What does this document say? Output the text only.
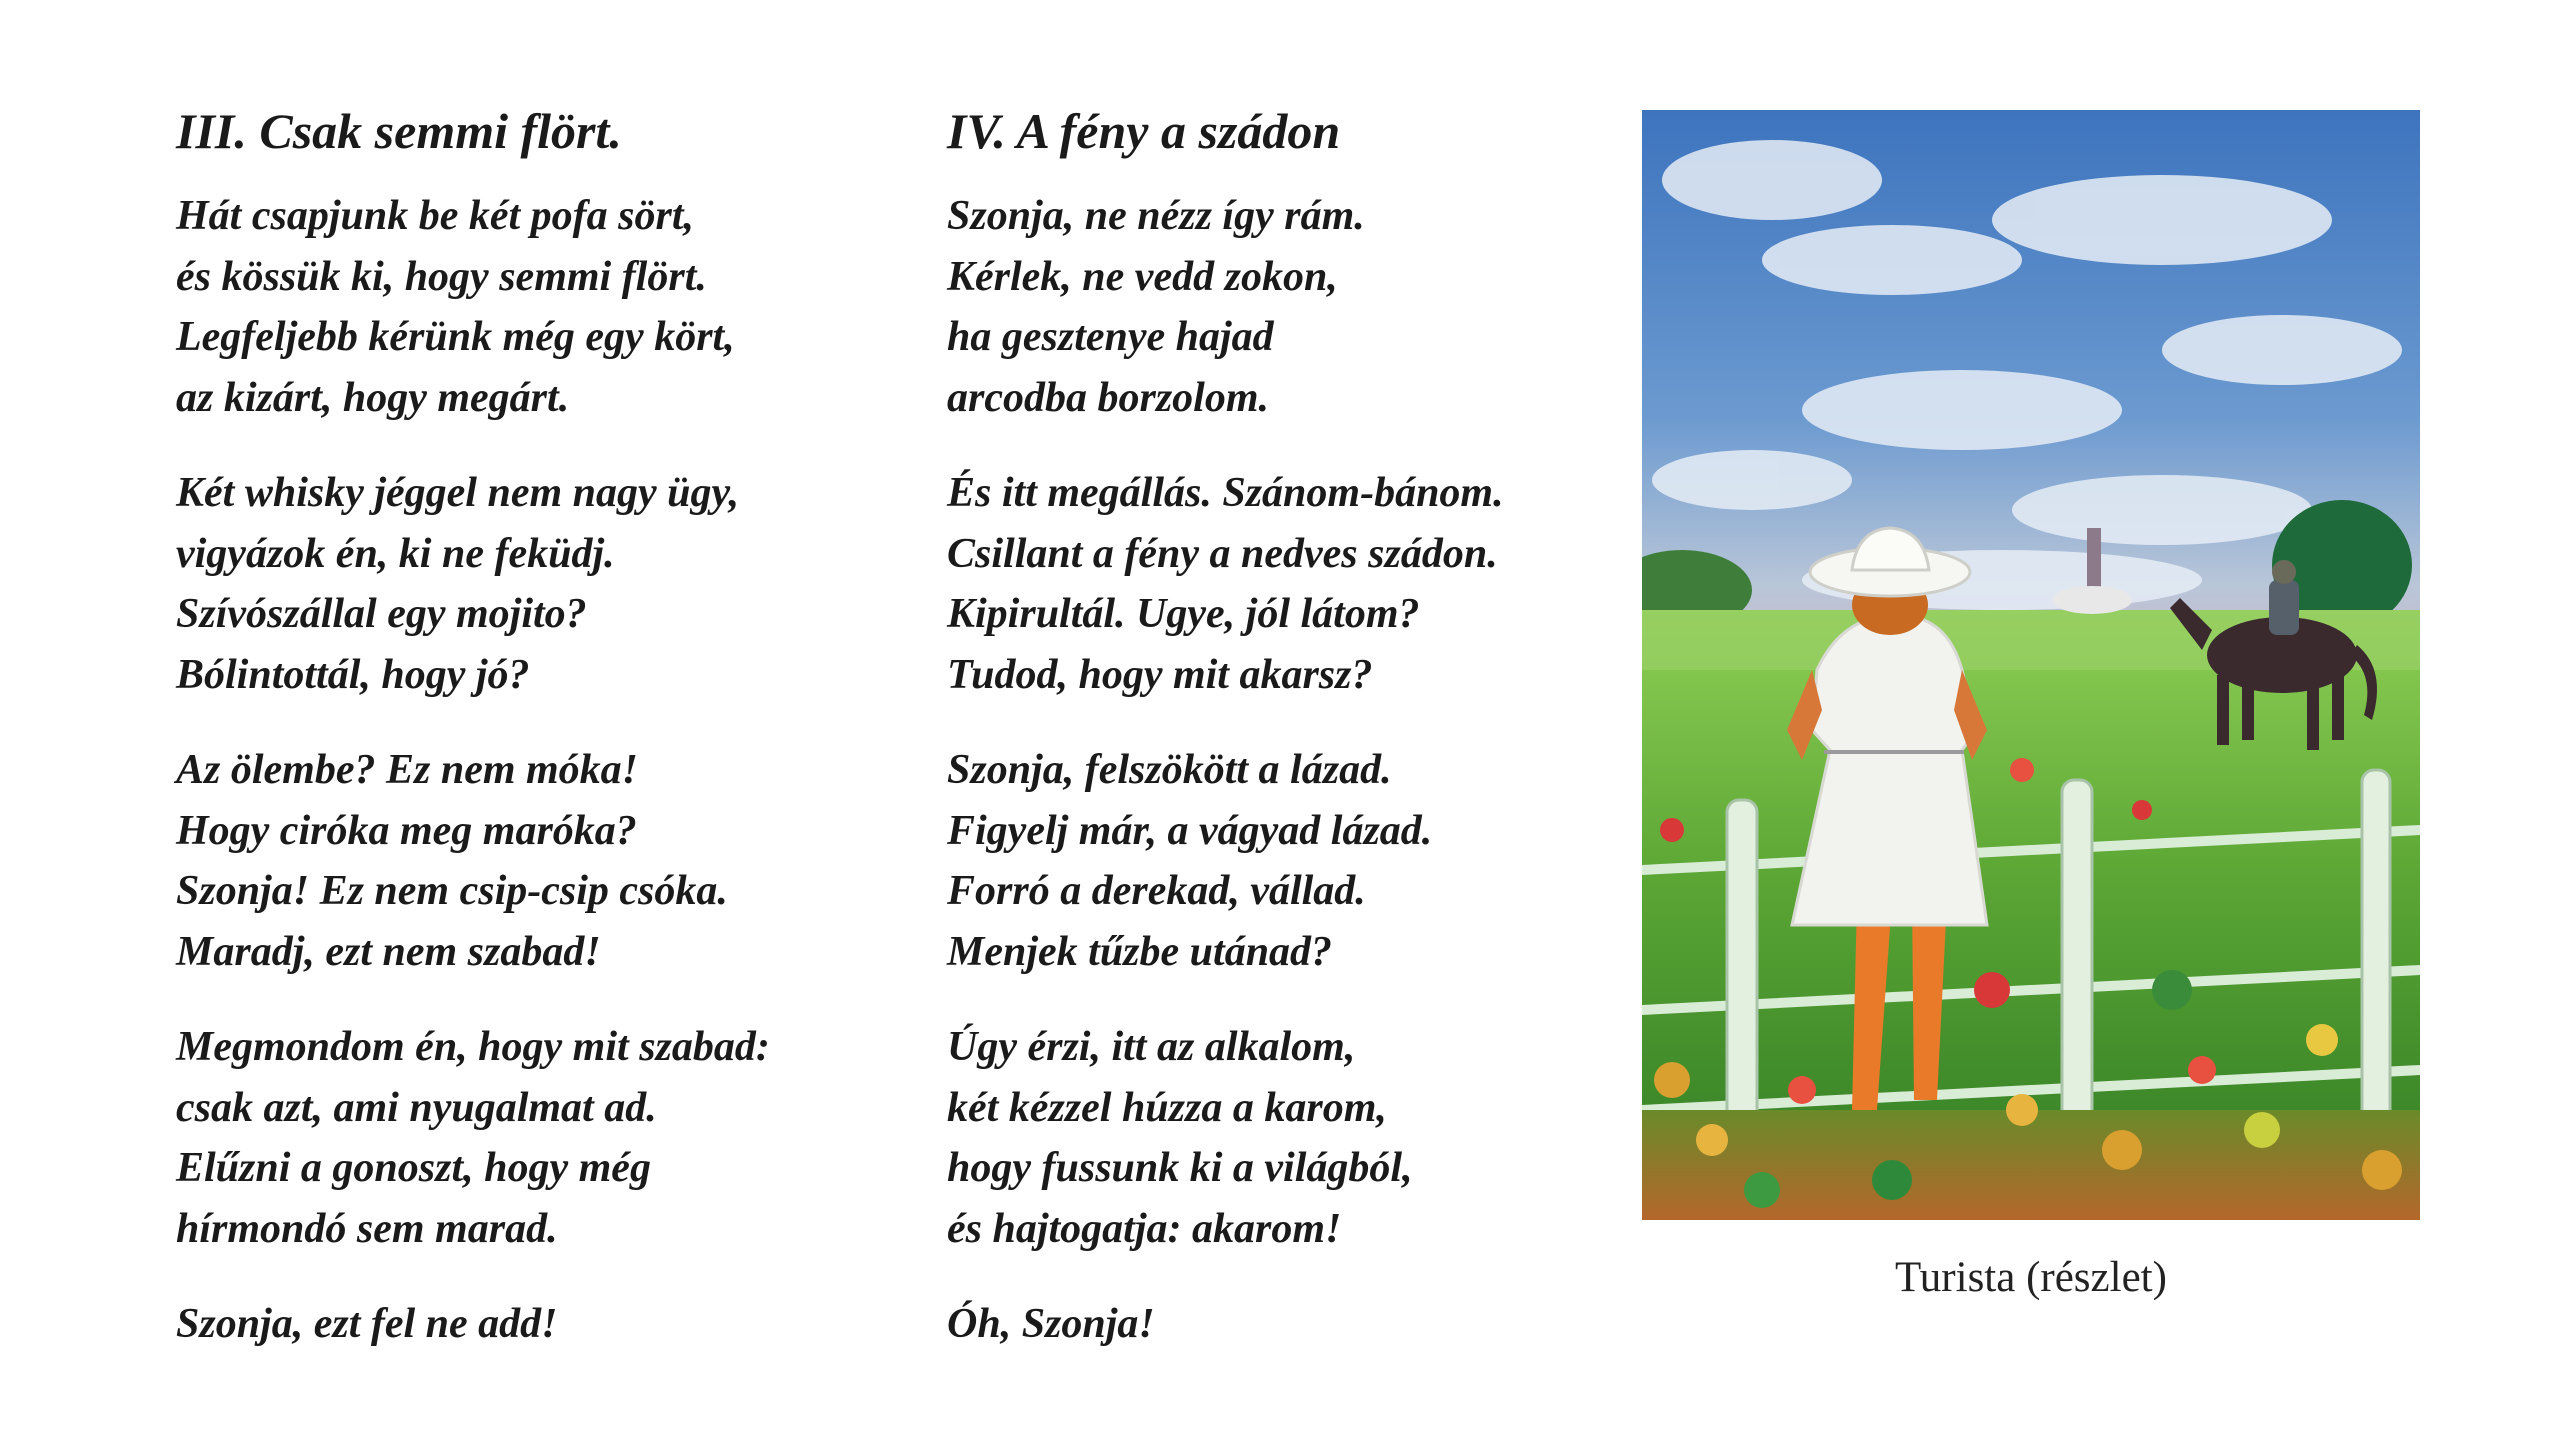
III. Csak semmi flört.
Hát csapjunk be két pofa sört,
és kössük ki, hogy semmi flört.
Legfeljebb kérünk még egy kört,
az kizárt, hogy megárt.
Két whisky jéggel nem nagy ügy,
vigyázok én, ki ne feküdj.
Szívószállal egy mojito?
Bólintottál, hogy jó?
Az ölembe? Ez nem móka!
Hogy ciróka meg maróka?
Szonja! Ez nem csip-csip csóka.
Maradj, ezt nem szabad!
Megmondom én, hogy mit szabad:
csak azt, ami nyugalmat ad.
Elűzni a gonoszt, hogy még
hírmondó sem marad.
Szonja, ezt fel ne add!
IV. A fény a szádon
Szonja, ne nézz így rám.
Kérlek, ne vedd zokon,
ha gesztenye hajad
arcodba borzolom.
És itt megállás. Szánom-bánom.
Csillant a fény a nedves szádon.
Kipirultál. Ugye, jól látom?
Tudod, hogy mit akarsz?
Szonja, felszökött a lázad.
Figyelj már, a vágyad lázad.
Forró a derekad, vállad.
Menjek tűzbe utánad?
Úgy érzi, itt az alkalom,
két kézzel húzza a karom,
hogy fussunk ki a világból,
és hajtogatja: akarom!
Óh, Szonja!
Turista (részlet)
